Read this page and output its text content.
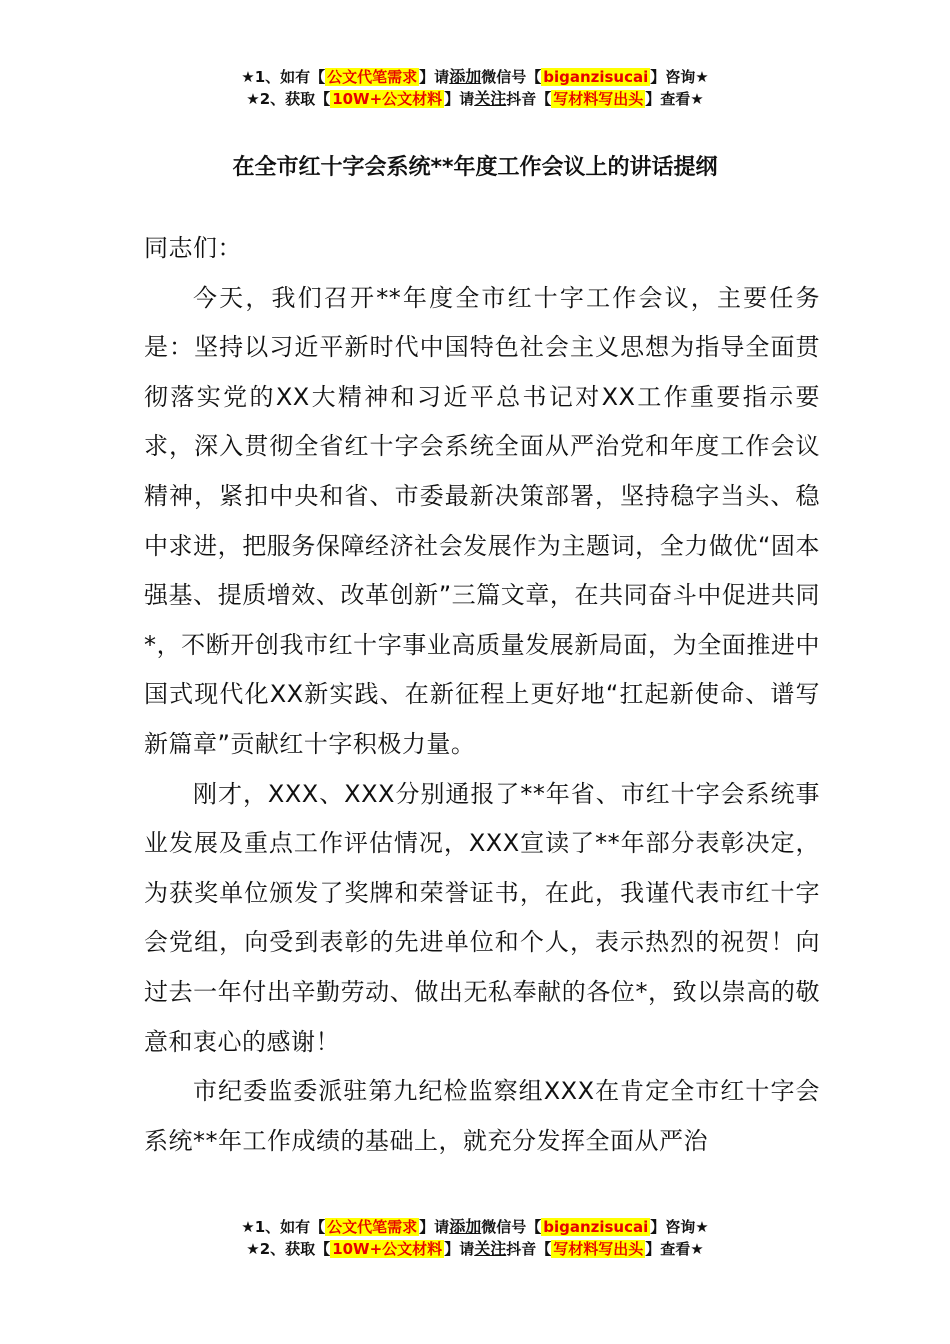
★1、如有【 公文代笔需求 】请添加微信号【 biganzisucai 】咨询★
★2、获取【 10W+公文材料 】请关注抖音【 写材料写出头 】查看★
在全市红十字会系统**年度工作会议上的讲话提纲

同志们：

今天，我们召开**年度全市红十字工作会议，主要任务是：坚持以习近平新时代中国特色社会主义思想为指导全面贯彻落实党的XX大精神和习近平总书记对XX工作重要指示要求，深入贯彻全省红十字会系统全面从严治党和年度工作会议精神，紧扣中央和省、市委最新决策部署，坚持稳字当头、稳中求进，把服务保障经济社会发展作为主题词，全力做优“固本强基、提质增效、改革创新”三篇文章，在共同奋斗中促进共同*，不断开创我市红十字事业高质量发展新局面，为全面推进中国式现代化XX新实践、在新征程上更好地“扛起新使命、谱写新篇章”贡献红十字积极力量。

刚才，XXX、XXX分别通报了**年省、市红十字会系统事业发展及重点工作评估情况，XXX宣读了**年部分表彰决定，为获奖单位颁发了奖牌和荣誉证书，在此，我谨代表市红十字会党组，向受到表彰的先进单位和个人，表示热烈的祝贺！向过去一年付出辛勤劳动、做出无私奉献的各位*，致以崇高的敬意和衷心的感谢！

市纪委监委派驻第九纪检监察组XXX在肯定全市红十字会系统**年工作成绩的基础上，就充分发挥全面从严治

★1、如有【 公文代笔需求 】请添加微信号【 biganzisucai 】咨询★
★2、获取【 10W+公文材料 】请关注抖音【 写材料写出头 】查看★
